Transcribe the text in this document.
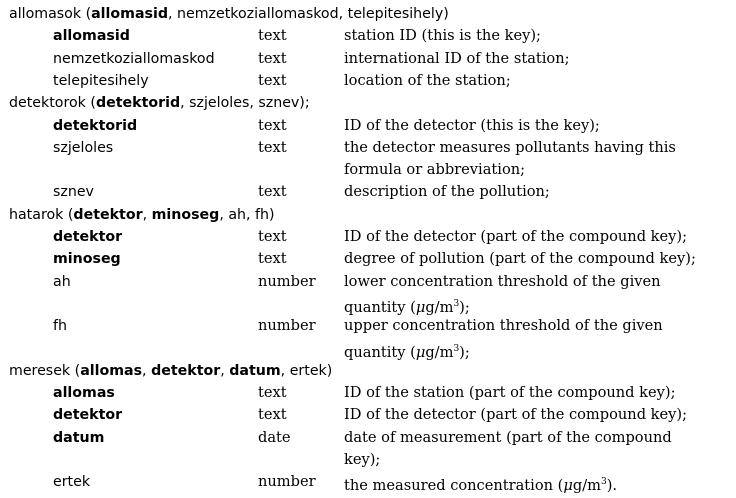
allomasok (allomasid, nemzetkoziallomaskod, telepitesihely)
allomasid	text	station ID (this is the key);
nemzetkoziallomaskod	text	international ID of the station;
telepitesihely	text	location of the station;
detektorok (detektorid, szjeloles, sznev);
detektorid	text	ID of the detector (this is the key);
szjeloles	text	the detector measures pollutants having this
formula or abbreviation;
sznev	text	description of the pollution;
hatarok (detektor, minoseg, ah, fh)
detektor	text	ID of the detector (part of the compound key);
minoseg	text	degree of pollution (part of the compound key);
ah	number lower concentration threshold of the given
quantity $(\mu g/m^3)$;
fh	number upper concentration threshold of the given
quantity $(\mu g/m^3)$;
meresek (allomas, detektor, datum, ertek)
allomas	text	ID of the station (part of the compound key);
detektor	text	ID of the detector (part of the compound key);
datum	date	date of measurement (part of the compound
key);
ertek	number the measured concentration $(\mu g/m^3)$.
